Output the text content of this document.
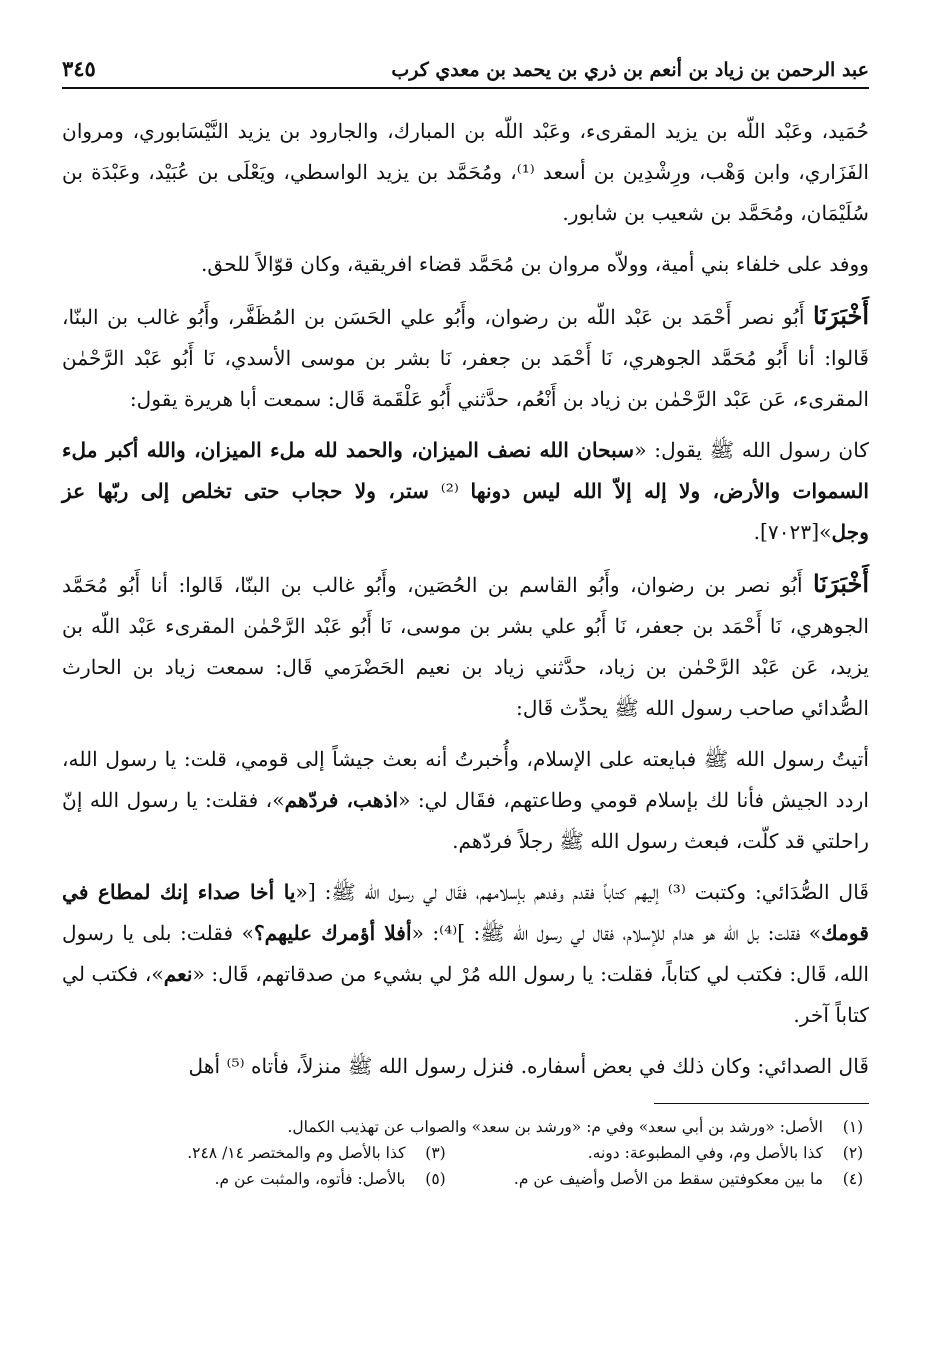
عبد الرحمن بن زياد بن أنعم بن ذري بن يحمد بن معدي كرب
٣٤٥

حُمَيد، وعَبْد اللّه بن يزيد المقرىء، وعَبْد اللّه بن المبارك، والجارود بن يزيد النَّيْسَابوري، ومروان الفَزَاري، وابن وَهْب، ورِشْدِين بن أسعد ⁽¹⁾، ومُحَمَّد بن يزيد الواسطي، ويَعْلَى بن عُبَيْد، وعَبْدَة بن سُلَيْمَان، ومُحَمَّد بن شعيب بن شابور.

ووفد على خلفاء بني أمية، وولاّه مروان بن مُحَمَّد قضاء افريقية، وكان قوّالاً للحق.

أَخْبَرَنَا أَبُو نصر أَحْمَد بن عَبْد اللّه بن رضوان، وأَبُو علي الحَسَن بن المُظَفَّر، وأَبُو غالب بن البنّا، قَالوا: أنا أَبُو مُحَمَّد الجوهري، نَا أَحْمَد بن جعفر، نَا بشر بن موسى الأسدي، نَا أَبُو عَبْد الرَّحْمٰن المقرىء، عَن عَبْد الرَّحْمٰن بن زياد بن أَنْعُم، حدَّثني أَبُو عَلْقَمة قَال: سمعت أبا هريرة يقول:

كان رسول الله ﷺ يقول: «سبحان الله نصف الميزان، والحمد لله ملء الميزان، والله أكبر ملء السموات والأرض، ولا إله إلاّ الله ليس دونها ⁽²⁾ ستر، ولا حجاب حتى تخلص إلى ربّها عز وجل»[٧٠٢٣].

أَخْبَرَنَا أَبُو نصر بن رضوان، وأَبُو القاسم بن الحُصَين، وأَبُو غالب بن البنّا، قَالوا: أنا أَبُو مُحَمَّد الجوهري، نَا أَحْمَد بن جعفر، نَا أَبُو علي بشر بن موسى، نَا أَبُو عَبْد الرَّحْمٰن المقرىء عَبْد اللّه بن يزيد، عَن عَبْد الرَّحْمٰن بن زياد، حدَّثني زياد بن نعيم الحَضْرَمي قَال: سمعت زياد بن الحارث الصُّدائي صاحب رسول الله ﷺ يحدِّث قَال:

أتيتُ رسول الله ﷺ فبايعته على الإسلام، وأُخبرتُ أنه بعث جيشاً إلى قومي، قلت: يا رسول الله، اردد الجيش فأنا لك بإسلام قومي وطاعتهم، فقَال لي: «اذهب، فردّهم»، فقلت: يا رسول الله إنّ راحلتي قد كلّت، فبعث رسول الله ﷺ رجلاً فردّهم.

قَال الصُّدَائي: وكتبت ⁽³⁾ إليهم كتاباً فقدم وفدهم بإسلامهم، فقَال لي رسول الله ﷺ: [«يا أخا صداء إنك لمطاع في قومك» فقلت: بل الله هو هدام للإسلام، فقال لي رسول الله ﷺ: ]⁽⁴⁾: «أفلا أؤمرك عليهم؟» فقلت: بلى يا رسول الله، قَال: فكتب لي كتاباً، فقلت: يا رسول الله مُرْ لي بشيء من صدقاتهم، قَال: «نعم»، فكتب لي كتاباً آخر.

قَال الصدائي: وكان ذلك في بعض أسفاره. فنزل رسول الله ﷺ منزلاً، فأتاه ⁽⁵⁾ أهل

(١)
الأصل: «ورشد بن أبي سعد» وفي م: «ورشد بن سعد» والصواب عن تهذيب الكمال.
(٢)
كذا بالأصل وم، وفي المطبوعة: دونه.
(٣)
كذا بالأصل وم والمختصر ١٤/ ٢٤٨.
(٤)
ما بين معكوفتين سقط من الأصل وأضيف عن م.
(٥)
بالأصل: فأتوه، والمثبت عن م.
